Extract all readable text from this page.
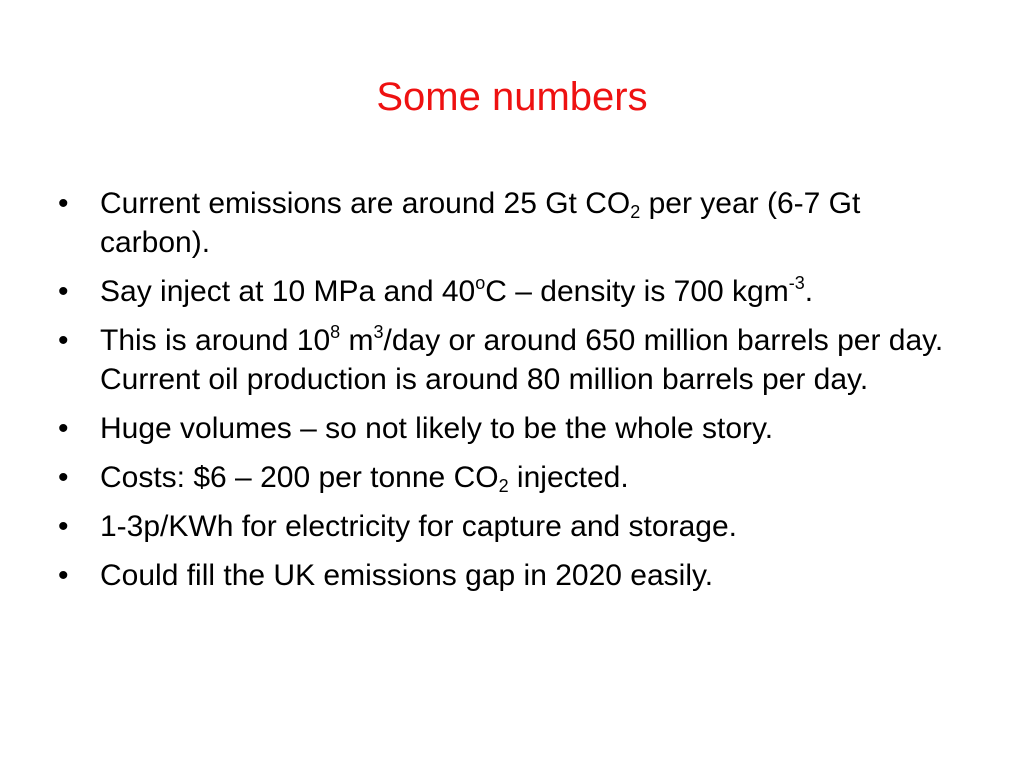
Some numbers
• Current emissions are around 25 Gt $CO_2$ per year (6-7 Gt carbon).
• Say inject at 10 MPa and 40$^o$C – density is 700 kgm$^{-3}$.
• This is around $10^8$ $m^3$/day or around 650 million barrels per day. Current oil production is around 80 million barrels per day.
• Huge volumes – so not likely to be the whole story.
• Costs: $6 – 200 per tonne $CO_2$ injected.
• 1-3p/KWh for electricity for capture and storage.
• Could fill the UK emissions gap in 2020 easily.
